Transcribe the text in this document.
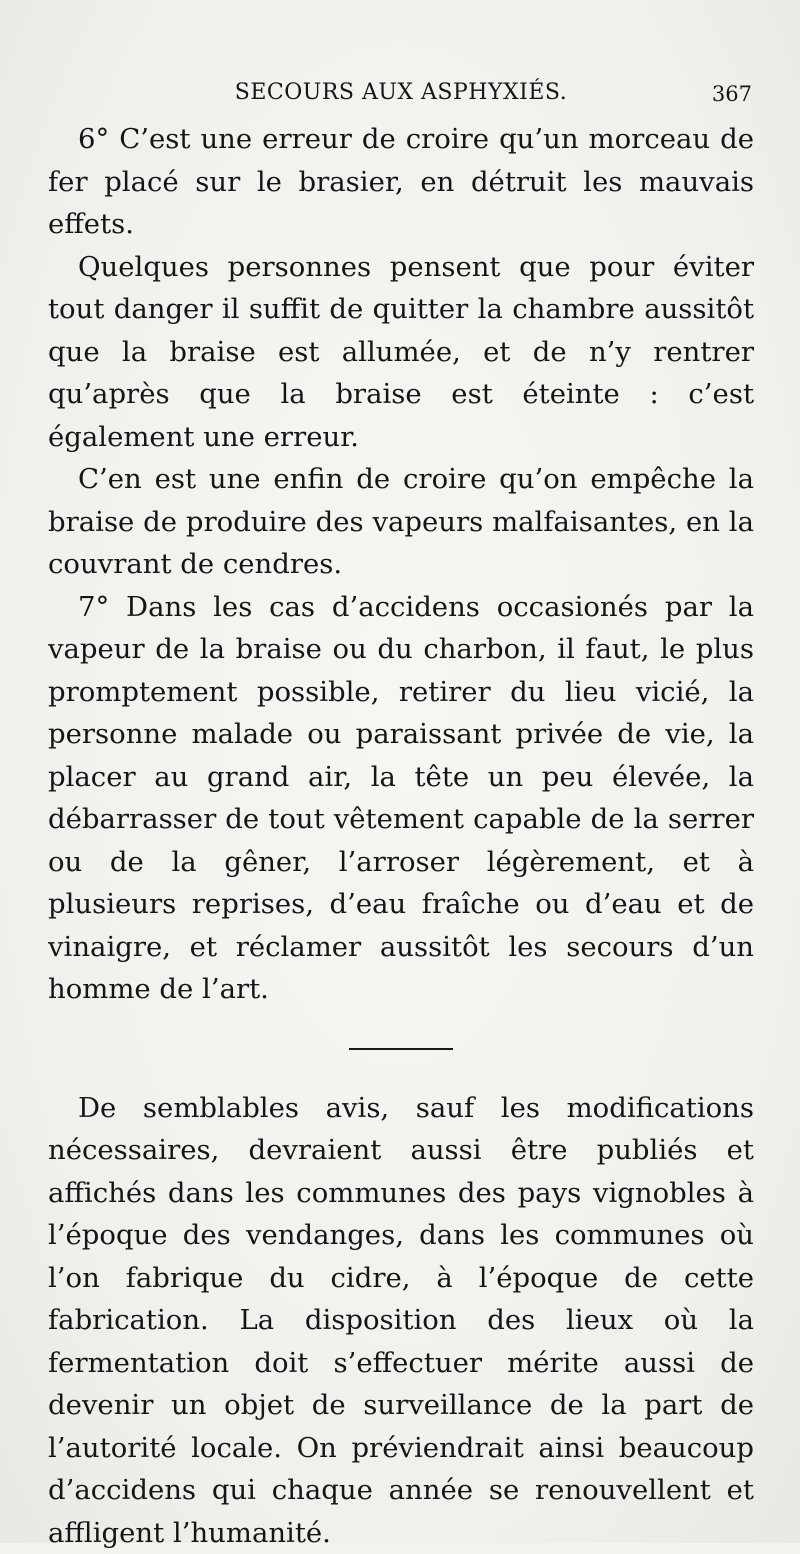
SECOURS AUX ASPHYXIÉS.	367

6° C’est une erreur de croire qu’un morceau de fer placé sur le brasier, en détruit les mauvais effets.

Quelques personnes pensent que pour éviter tout danger il suffit de quitter la chambre aussitôt que la braise est allumée, et de n’y rentrer qu’après que la braise est éteinte : c’est également une erreur.

C’en est une enfin de croire qu’on empêche la braise de produire des vapeurs malfaisantes, en la couvrant de cendres.

7° Dans les cas d’accidens occasionés par la vapeur de la braise ou du charbon, il faut, le plus promptement possible, retirer du lieu vicié, la personne malade ou paraissant privée de vie, la placer au grand air, la tête un peu élevée, la débarrasser de tout vêtement capable de la serrer ou de la gêner, l’arroser légèrement, et à plusieurs reprises, d’eau fraîche ou d’eau et de vinaigre, et réclamer aussitôt les secours d’un homme de l’art.

De semblables avis, sauf les modifications nécessaires, devraient aussi être publiés et affichés dans les communes des pays vignobles à l’époque des vendanges, dans les communes où l’on fabrique du cidre, à l’époque de cette fabrication. La disposition des lieux où la fermentation doit s’effectuer mérite aussi de devenir un objet de surveillance de la part de l’autorité locale. On préviendrait ainsi beaucoup d’accidens qui chaque année se renouvellent et affligent l’humanité.
